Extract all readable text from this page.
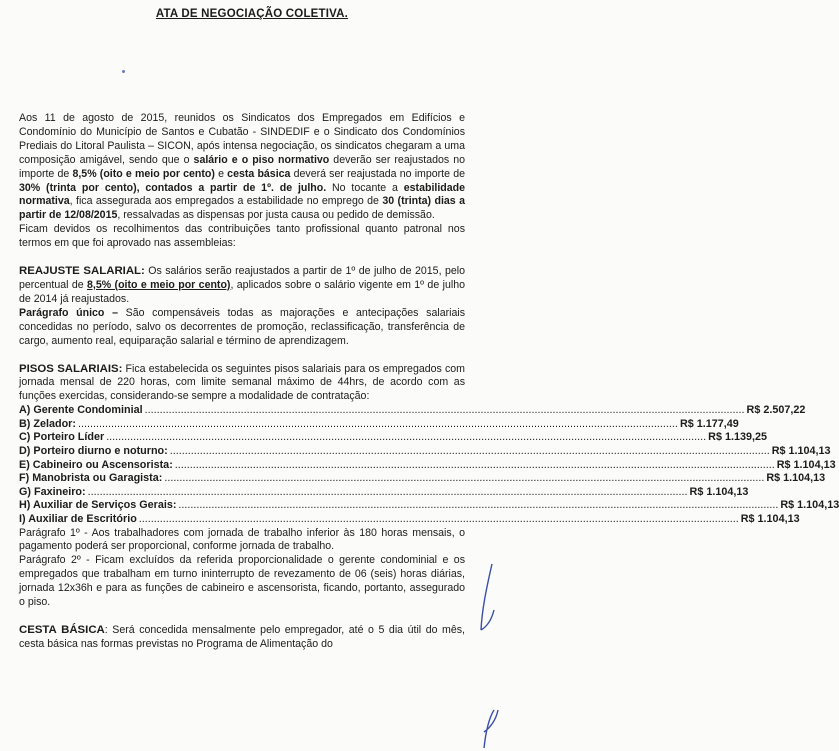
ATA DE NEGOCIAÇÃO COLETIVA.

Aos 11 de agosto de 2015, reunidos os Sindicatos dos Empregados em Edifícios e Condomínio do Município de Santos e Cubatão - SINDEDIF e o Sindicato dos Condomínios Prediais do Litoral Paulista – SICON, após intensa negociação, os sindicatos chegaram a uma composição amigável, sendo que o salário e o piso normativo deverão ser reajustados no importe de 8,5% (oito e meio por cento) e cesta básica deverá ser reajustada no importe de 30% (trinta por cento), contados a partir de 1º. de julho. No tocante a estabilidade normativa, fica assegurada aos empregados a estabilidade no emprego de 30 (trinta) dias a partir de 12/08/2015, ressalvadas as dispensas por justa causa ou pedido de demissão.

Ficam devidos os recolhimentos das contribuições tanto profissional quanto patronal nos termos em que foi aprovado nas assembleias:

REAJUSTE SALARIAL: Os salários serão reajustados a partir de 1º de julho de 2015, pelo percentual de 8,5% (oito e meio por cento), aplicados sobre o salário vigente em 1º de julho de 2014 já reajustados.

Parágrafo único – São compensáveis todas as majorações e antecipações salariais concedidas no período, salvo os decorrentes de promoção, reclassificação, transferência de cargo, aumento real, equiparação salarial e término de aprendizagem.

PISOS SALARIAIS: Fica estabelecida os seguintes pisos salariais para os empregados com jornada mensal de 220 horas, com limite semanal máximo de 44hrs, de acordo com as funções exercidas, considerando-se sempre a modalidade de contratação:

A) Gerente Condominial ........................................................................................................................................................................................................ R$ 2.507,22
B) Zelador: ........................................................................................................................................................................................................ R$ 1.177,49
C) Porteiro Líder ........................................................................................................................................................................................................ R$ 1.139,25
D) Porteiro diurno e noturno: ........................................................................................................................................................................................................ R$ 1.104,13
E) Cabineiro ou Ascensorista: ........................................................................................................................................................................................................ R$ 1.104,13
F) Manobrista ou Garagista: ........................................................................................................................................................................................................ R$ 1.104,13
G) Faxineiro: ........................................................................................................................................................................................................ R$ 1.104,13
H) Auxiliar de Serviços Gerais: ........................................................................................................................................................................................................ R$ 1.104,13
I) Auxiliar de Escritório ........................................................................................................................................................................................................ R$ 1.104,13

Parágrafo 1º - Aos trabalhadores com jornada de trabalho inferior às 180 horas mensais, o pagamento poderá ser proporcional, conforme jornada de trabalho.

Parágrafo 2º - Ficam excluídos da referida proporcionalidade o gerente condominial e os empregados que trabalham em turno ininterrupto de revezamento de 06 (seis) horas diárias, jornada 12x36h e para as funções de cabineiro e ascensorista, ficando, portanto, assegurado o piso.

CESTA BÁSICA: Será concedida mensalmente pelo empregador, até o 5 dia útil do mês, cesta básica nas formas previstas no Programa de Alimentação do
